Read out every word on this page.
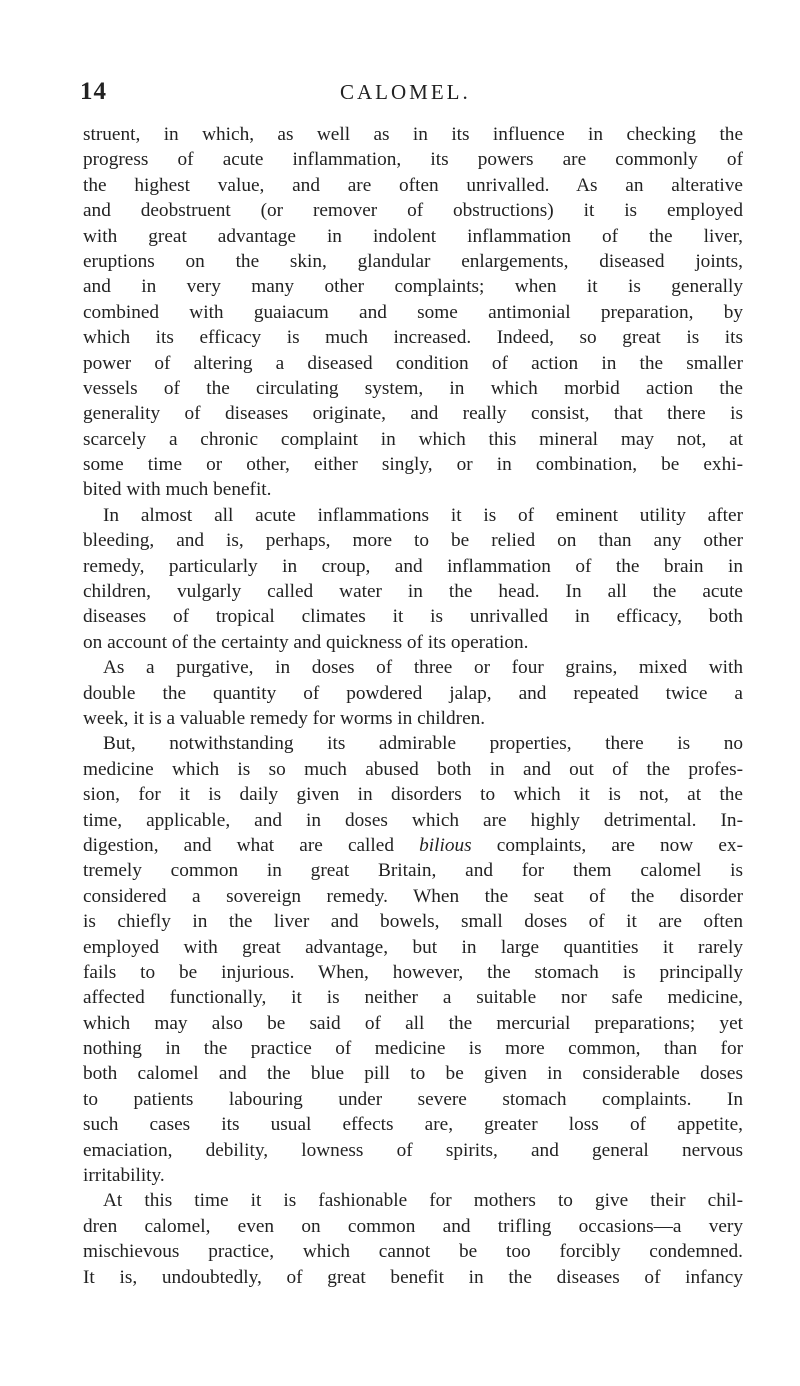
14	CALOMEL.
struent, in which, as well as in its influence in checking the
progress of acute inflammation, its powers are commonly of
the highest value, and are often unrivalled. As an alterative
and deobstruent (or remover of obstructions) it is employed
with great advantage in indolent inflammation of the liver,
eruptions on the skin, glandular enlargements, diseased joints,
and in very many other complaints; when it is generally
combined with guaiacum and some antimonial preparation, by
which its efficacy is much increased. Indeed, so great is its
power of altering a diseased condition of action in the smaller
vessels of the circulating system, in which morbid action the
generality of diseases originate, and really consist, that there is
scarcely a chronic complaint in which this mineral may not, at
some time or other, either singly, or in combination, be exhi-
bited with much benefit.
In almost all acute inflammations it is of eminent utility after
bleeding, and is, perhaps, more to be relied on than any other
remedy, particularly in croup, and inflammation of the brain in
children, vulgarly called water in the head. In all the acute
diseases of tropical climates it is unrivalled in efficacy, both
on account of the certainty and quickness of its operation.
As a purgative, in doses of three or four grains, mixed with
double the quantity of powdered jalap, and repeated twice a
week, it is a valuable remedy for worms in children.
But, notwithstanding its admirable properties, there is no
medicine which is so much abused both in and out of the profes-
sion, for it is daily given in disorders to which it is not, at the
time, applicable, and in doses which are highly detrimental. In-
digestion, and what are called bilious complaints, are now ex-
tremely common in great Britain, and for them calomel is
considered a sovereign remedy. When the seat of the disorder
is chiefly in the liver and bowels, small doses of it are often
employed with great advantage, but in large quantities it rarely
fails to be injurious. When, however, the stomach is principally
affected functionally, it is neither a suitable nor safe medicine,
which may also be said of all the mercurial preparations; yet
nothing in the practice of medicine is more common, than for
both calomel and the blue pill to be given in considerable doses
to patients labouring under severe stomach complaints. In
such cases its usual effects are, greater loss of appetite,
emaciation, debility, lowness of spirits, and general nervous
irritability.
At this time it is fashionable for mothers to give their chil-
dren calomel, even on common and trifling occasions—a very
mischievous practice, which cannot be too forcibly condemned.
It is, undoubtedly, of great benefit in the diseases of infancy
